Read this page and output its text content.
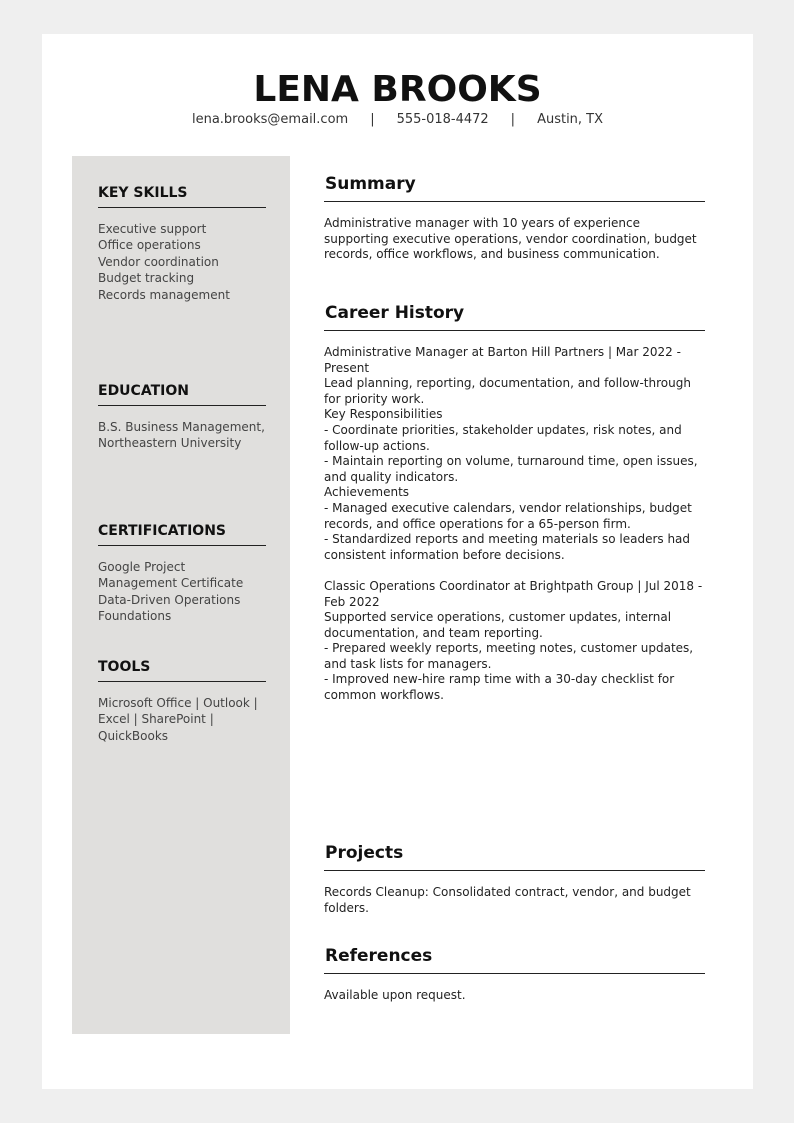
LENA BROOKS
lena.brooks@email.com | 555-018-4472 | Austin, TX
KEY SKILLS
Executive support
Office operations
Vendor coordination
Budget tracking
Records management
EDUCATION
B.S. Business Management, Northeastern University
CERTIFICATIONS
Google Project Management Certificate
Data-Driven Operations Foundations
TOOLS
Microsoft Office | Outlook | Excel | SharePoint | QuickBooks
Summary
Administrative manager with 10 years of experience supporting executive operations, vendor coordination, budget records, office workflows, and business communication.
Career History
Administrative Manager at Barton Hill Partners | Mar 2022 - Present
Lead planning, reporting, documentation, and follow-through for priority work.
Key Responsibilities
- Coordinate priorities, stakeholder updates, risk notes, and follow-up actions.
- Maintain reporting on volume, turnaround time, open issues, and quality indicators.
Achievements
- Managed executive calendars, vendor relationships, budget records, and office operations for a 65-person firm.
- Standardized reports and meeting materials so leaders had consistent information before decisions.
Classic Operations Coordinator at Brightpath Group | Jul 2018 - Feb 2022
Supported service operations, customer updates, internal documentation, and team reporting.
- Prepared weekly reports, meeting notes, customer updates, and task lists for managers.
- Improved new-hire ramp time with a 30-day checklist for common workflows.
Projects
Records Cleanup: Consolidated contract, vendor, and budget folders.
References
Available upon request.
